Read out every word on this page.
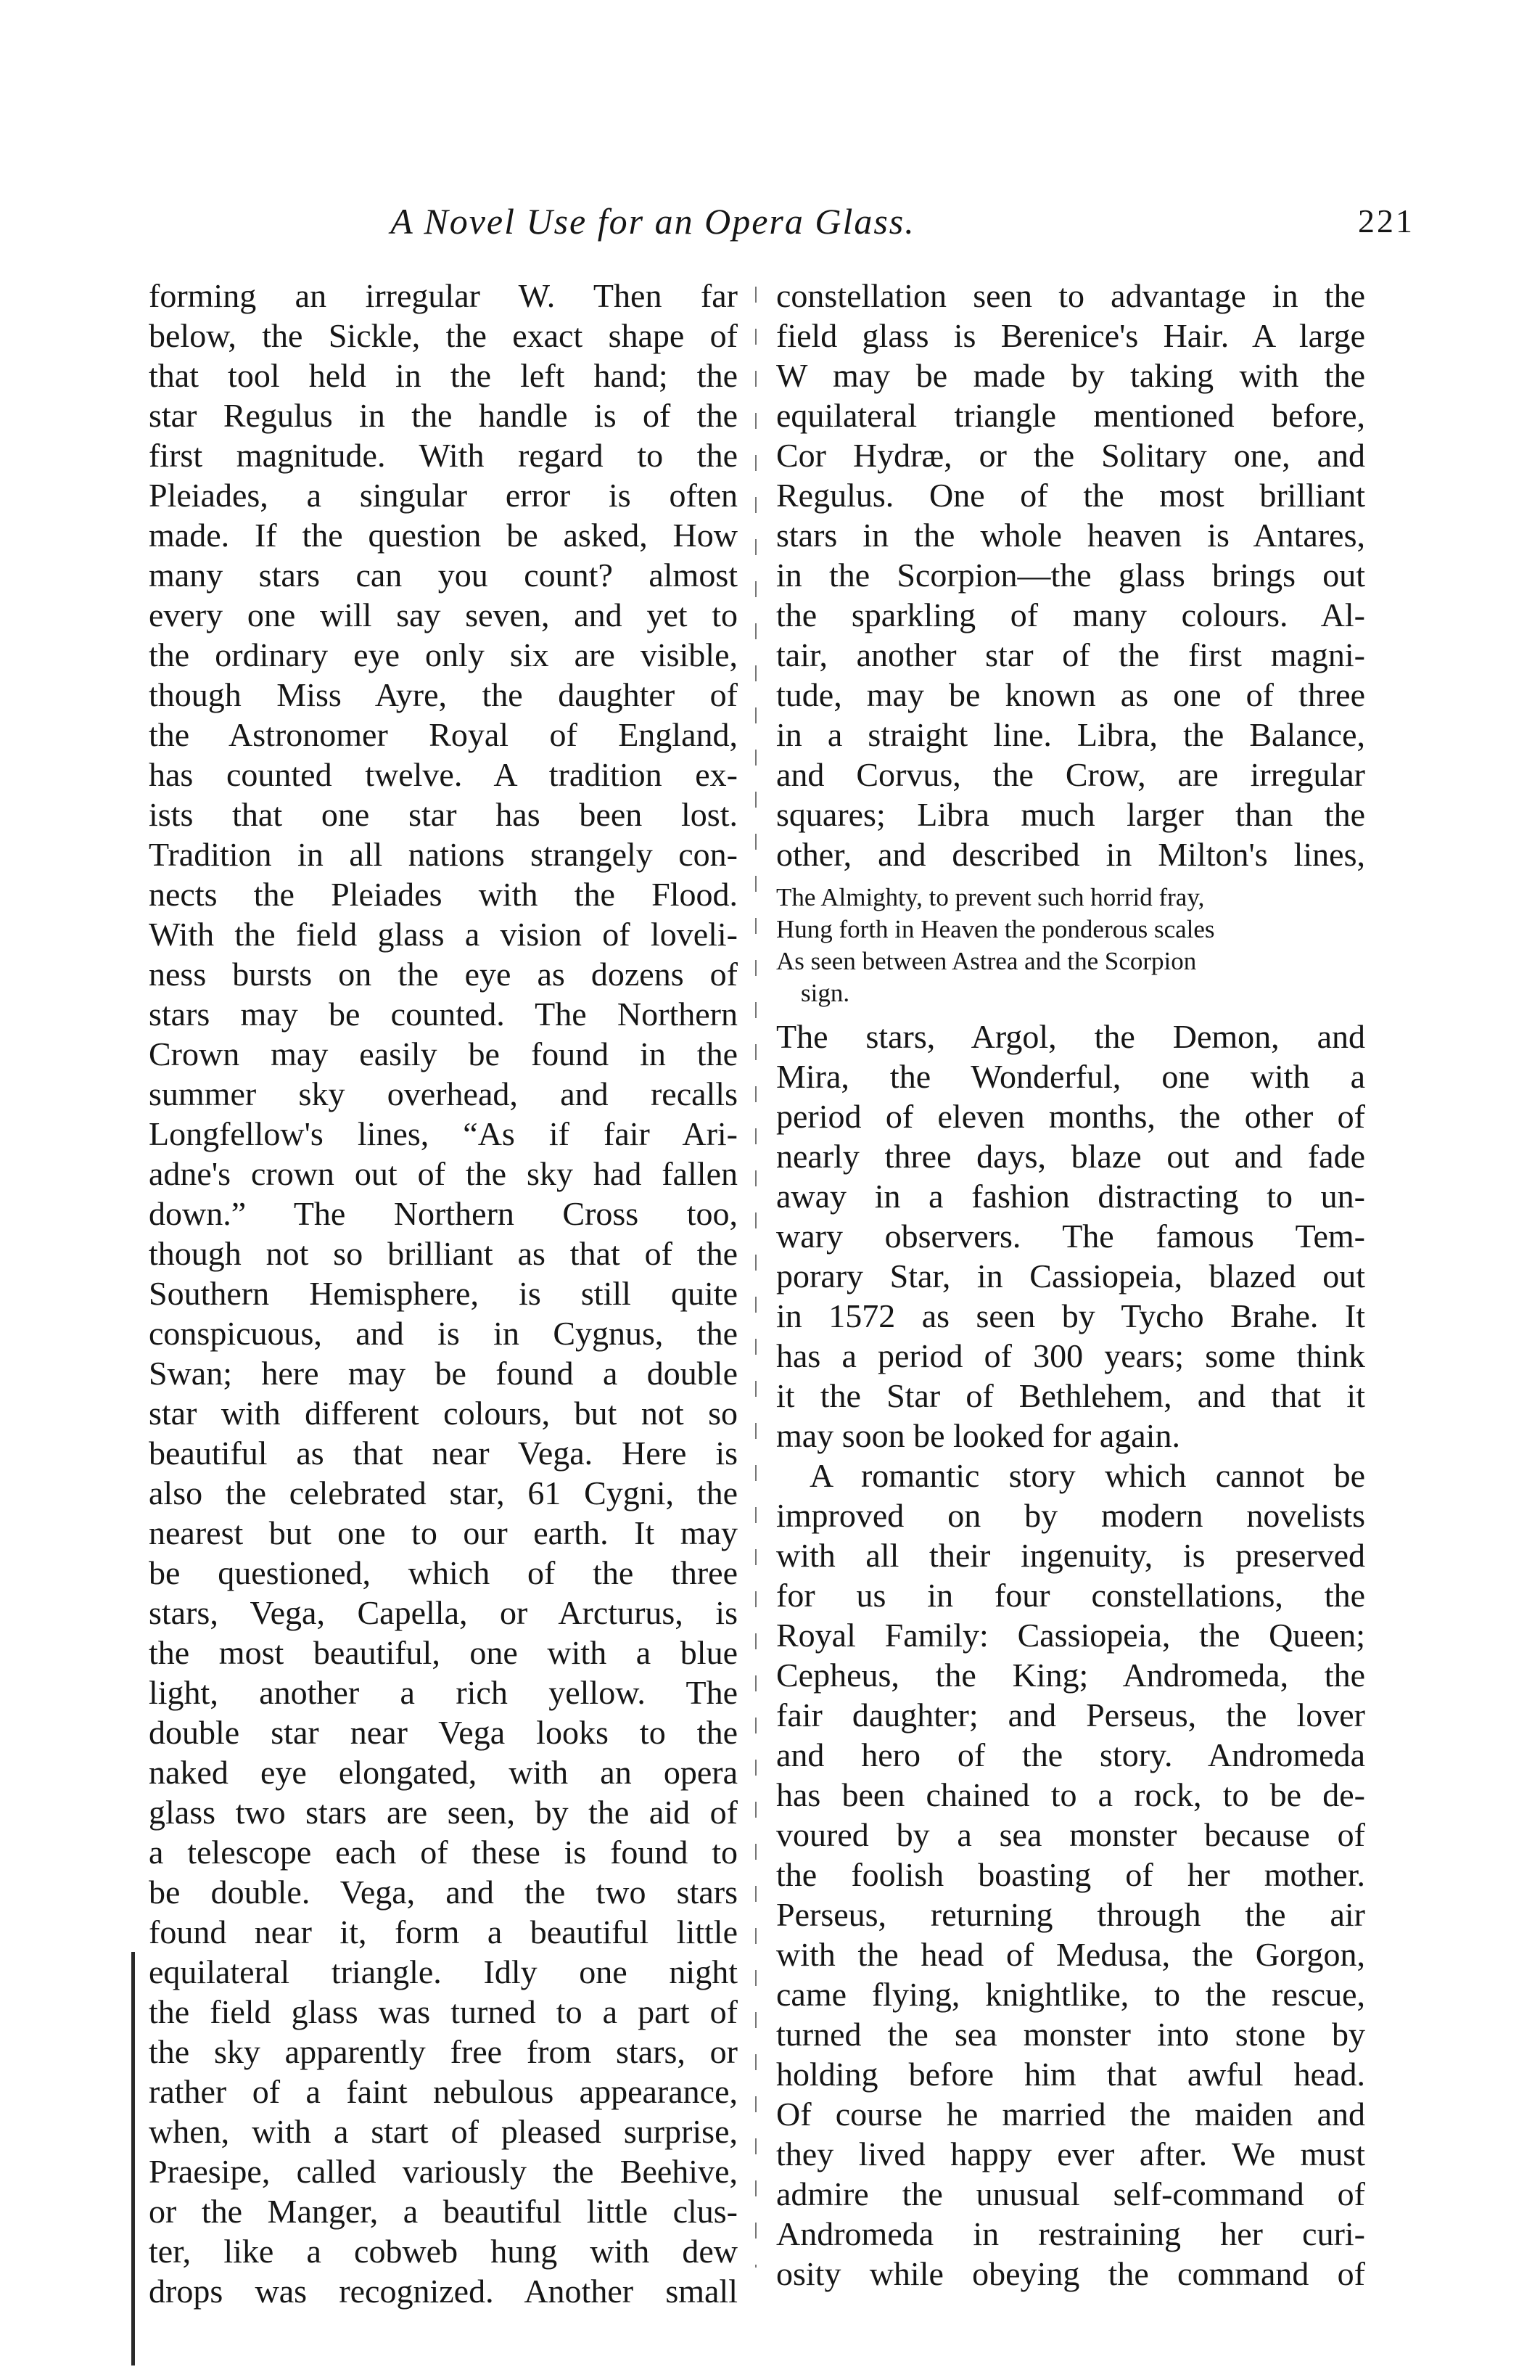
A Novel Use for an Opera Glass.	221
forming an irregular W. Then far
below, the Sickle, the exact shape of
that tool held in the left hand; the
star Regulus in the handle is of the
first magnitude. With regard to the
Pleiades, a singular error is often
made. If the question be asked, How
many stars can you count? almost
every one will say seven, and yet to
the ordinary eye only six are visible,
though Miss Ayre, the daughter of
the Astronomer Royal of England,
has counted twelve. A tradition ex-
ists that one star has been lost.
Tradition in all nations strangely con-
nects the Pleiades with the Flood.
With the field glass a vision of loveli-
ness bursts on the eye as dozens of
stars may be counted. The Northern
Crown may easily be found in the
summer sky overhead, and recalls
Longfellow's lines, “As if fair Ari-
adne's crown out of the sky had fallen
down.” The Northern Cross too,
though not so brilliant as that of the
Southern Hemisphere, is still quite
conspicuous, and is in Cygnus, the
Swan; here may be found a double
star with different colours, but not so
beautiful as that near Vega. Here is
also the celebrated star, 61 Cygni, the
nearest but one to our earth. It may
be questioned, which of the three
stars, Vega, Capella, or Arcturus, is
the most beautiful, one with a blue
light, another a rich yellow. The
double star near Vega looks to the
naked eye elongated, with an opera
glass two stars are seen, by the aid of
a telescope each of these is found to
be double. Vega, and the two stars
found near it, form a beautiful little
equilateral triangle. Idly one night
the field glass was turned to a part of
the sky apparently free from stars, or
rather of a faint nebulous appearance,
when, with a start of pleased surprise,
Praesipe, called variously the Beehive,
or the Manger, a beautiful little clus-
ter, like a cobweb hung with dew
drops was recognized. Another small
constellation seen to advantage in the
field glass is Berenice's Hair. A large
W may be made by taking with the
equilateral triangle mentioned before,
Cor Hydræ, or the Solitary one, and
Regulus. One of the most brilliant
stars in the whole heaven is Antares,
in the Scorpion—the glass brings out
the sparkling of many colours. Al-
tair, another star of the first magni-
tude, may be known as one of three
in a straight line. Libra, the Balance,
and Corvus, the Crow, are irregular
squares; Libra much larger than the
other, and described in Milton's lines,
The Almighty, to prevent such horrid fray,
Hung forth in Heaven the ponderous scales
As seen between Astrea and the Scorpion
sign.
The stars, Argol, the Demon, and
Mira, the Wonderful, one with a
period of eleven months, the other of
nearly three days, blaze out and fade
away in a fashion distracting to un-
wary observers. The famous Tem-
porary Star, in Cassiopeia, blazed out
in 1572 as seen by Tycho Brahe. It
has a period of 300 years; some think
it the Star of Bethlehem, and that it
may soon be looked for again.
A romantic story which cannot be
improved on by modern novelists
with all their ingenuity, is preserved
for us in four constellations, the
Royal Family: Cassiopeia, the Queen;
Cepheus, the King; Andromeda, the
fair daughter; and Perseus, the lover
and hero of the story. Andromeda
has been chained to a rock, to be de-
voured by a sea monster because of
the foolish boasting of her mother.
Perseus, returning through the air
with the head of Medusa, the Gorgon,
came flying, knightlike, to the rescue,
turned the sea monster into stone by
holding before him that awful head.
Of course he married the maiden and
they lived happy ever after. We must
admire the unusual self-command of
Andromeda in restraining her curi-
osity while obeying the command of
